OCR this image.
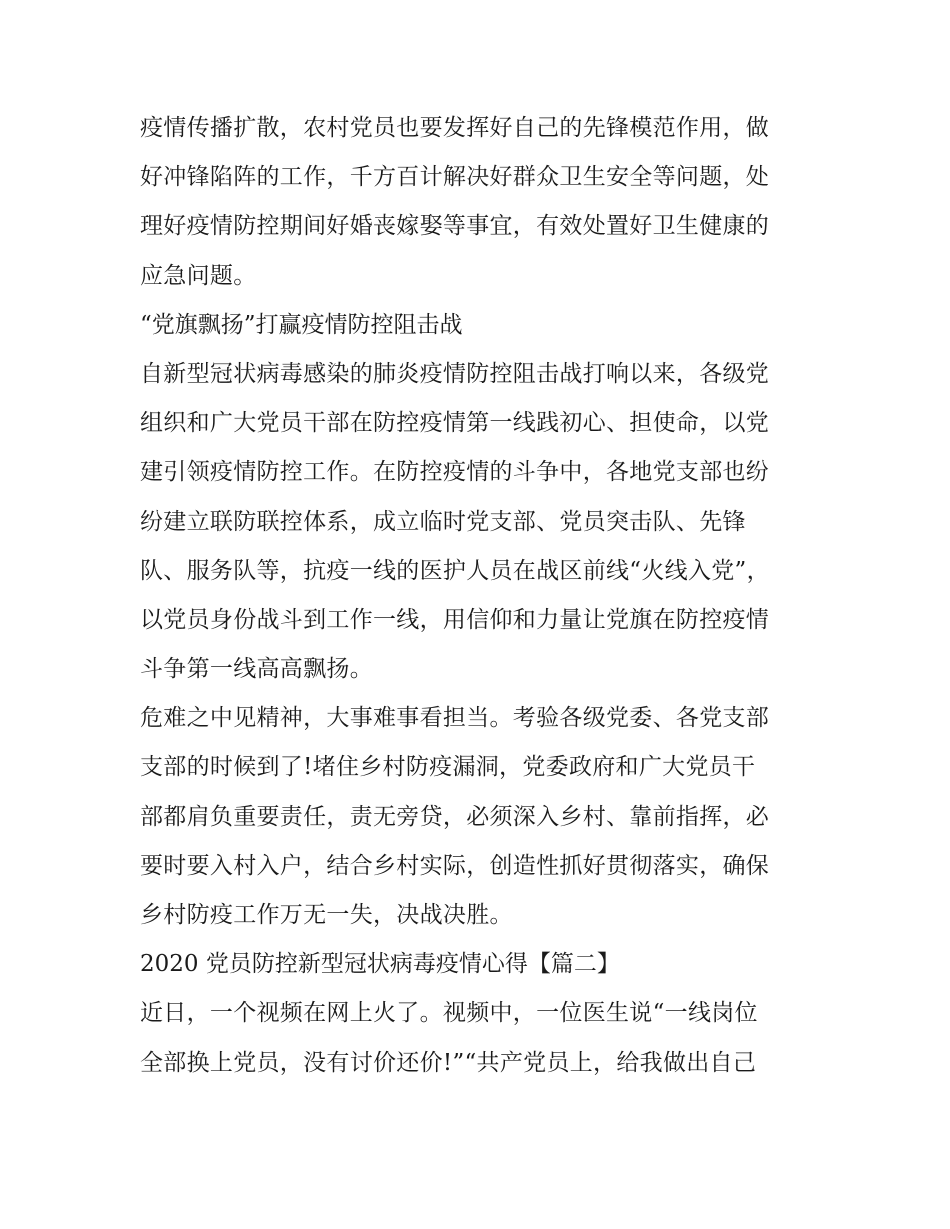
疫情传播扩散，农村党员也要发挥好自己的先锋模范作用，做
好冲锋陷阵的工作，千方百计解决好群众卫生安全等问题，处
理好疫情防控期间好婚丧嫁娶等事宜，有效处置好卫生健康的
应急问题。
“党旗飘扬”打赢疫情防控阻击战
自新型冠状病毒感染的肺炎疫情防控阻击战打响以来，各级党
组织和广大党员干部在防控疫情第一线践初心、担使命，以党
建引领疫情防控工作。在防控疫情的斗争中，各地党支部也纷
纷建立联防联控体系，成立临时党支部、党员突击队、先锋
队、服务队等，抗疫一线的医护人员在战区前线“火线入党”，
以党员身份战斗到工作一线，用信仰和力量让党旗在防控疫情
斗争第一线高高飘扬。
危难之中见精神，大事难事看担当。考验各级党委、各党支部
支部的时候到了!堵住乡村防疫漏洞，党委政府和广大党员干
部都肩负重要责任，责无旁贷，必须深入乡村、靠前指挥，必
要时要入村入户，结合乡村实际，创造性抓好贯彻落实，确保
乡村防疫工作万无一失，决战决胜。
2020 党员防控新型冠状病毒疫情心得【篇二】
近日，一个视频在网上火了。视频中，一位医生说“一线岗位
全部换上党员，没有讨价还价!”“共产党员上，给我做出自己
